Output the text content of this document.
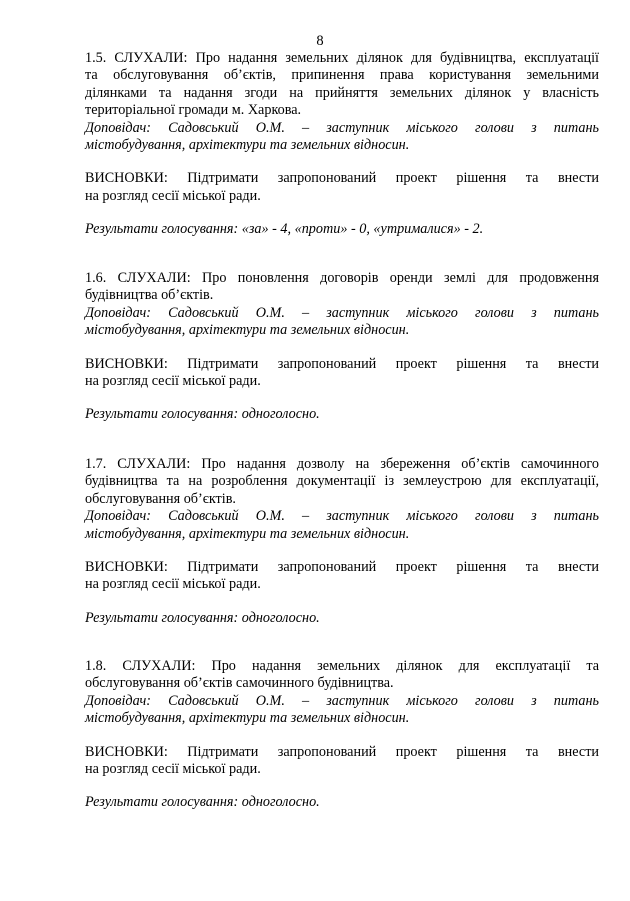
8
1.5. СЛУХАЛИ: Про надання земельних ділянок для будівництва, експлуатації
та обслуговування об’єктів, припинення права користування земельними
ділянками та надання згоди на прийняття земельних ділянок у власність
територіальної громади м. Харкова.
Доповідач: Садовський О.М. – заступник міського голови з питань
містобудування, архітектури та земельних відносин.
ВИСНОВКИ: Підтримати запропонований проект рішення та внести
на розгляд сесії міської ради.
Результати голосування: «за» - 4, «проти» - 0, «утрималися» - 2.
1.6. СЛУХАЛИ: Про поновлення договорів оренди землі для продовження
будівництва об’єктів.
Доповідач: Садовський О.М. – заступник міського голови з питань
містобудування, архітектури та земельних відносин.
ВИСНОВКИ: Підтримати запропонований проект рішення та внести
на розгляд сесії міської ради.
Результати голосування: одноголосно.
1.7. СЛУХАЛИ: Про надання дозволу на збереження об’єктів самочинного
будівництва та на розроблення документації із землеустрою для експлуатації,
обслуговування об’єктів.
Доповідач: Садовський О.М. – заступник міського голови з питань
містобудування, архітектури та земельних відносин.
ВИСНОВКИ: Підтримати запропонований проект рішення та внести
на розгляд сесії міської ради.
Результати голосування: одноголосно.
1.8. СЛУХАЛИ: Про надання земельних ділянок для експлуатації та
обслуговування об’єктів самочинного будівництва.
Доповідач: Садовський О.М. – заступник міського голови з питань
містобудування, архітектури та земельних відносин.
ВИСНОВКИ: Підтримати запропонований проект рішення та внести
на розгляд сесії міської ради.
Результати голосування: одноголосно.
